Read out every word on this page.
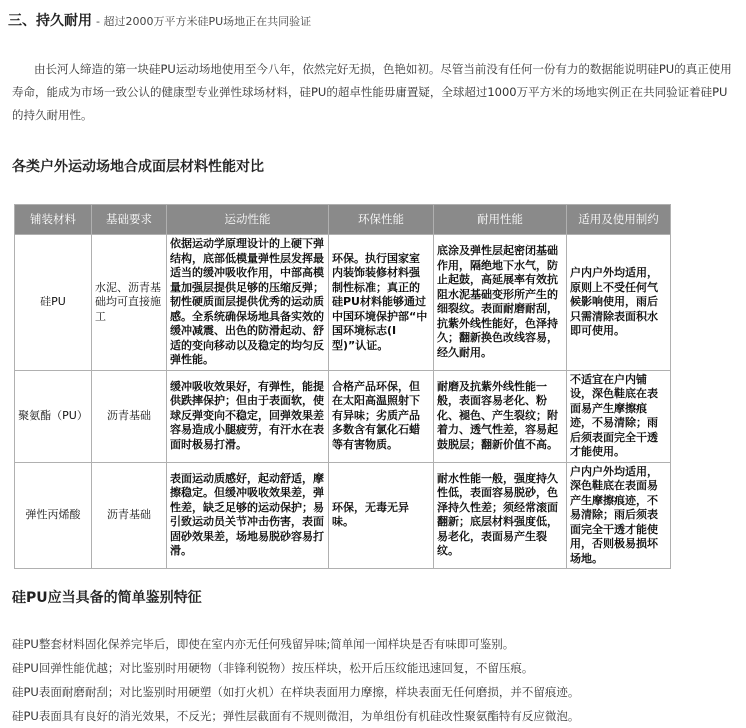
三、持久耐用 - 超过2000万平方米硅PU场地正在共同验证
由长河人缔造的第一块硅PU运动场地使用至今八年，依然完好无损，色艳如初。尽管当前没有任何一份有力的数据能说明硅PU的真正使用寿命，能成为市场一致公认的健康型专业弹性球场材料，硅PU的超卓性能毋庸置疑，全球超过1000万平方米的场地实例正在共同验证着硅PU的持久耐用性。
各类户外运动场地合成面层材料性能对比
铺装材料	基础要求	运动性能	环保性能	耐用性能	适用及使用制约
硅PU	水泥、沥青基础均可直接施工	依据运动学原理设计的上硬下弹结构，底部低模量弹性层发挥最适当的缓冲吸收作用，中部高模量加强层提供足够的压缩反弹；韧性硬质面层提供优秀的运动质感。全系统确保场地具备实效的缓冲减震、出色的防滑起动、舒适的变向移动以及稳定的均匀反弹性能。	环保。执行国家室内装饰装修材料强制性标准；真正的硅PU材料能够通过中国环境保护部“中国环境标志(Ⅰ型)”认证。	底涂及弹性层起密闭基础作用，隔绝地下水气，防止起鼓，高延展率有效抗阻水泥基础变形所产生的细裂纹。表面耐磨耐刮，抗紫外线性能好，色泽持久；翻新换色改线容易，经久耐用。	户内户外均适用，原则上不受任何气候影响使用，雨后只需清除表面积水即可使用。
聚氨酯（PU）	沥青基础	缓冲吸收效果好，有弹性，能提供跌摔保护；但由于表面软，使球反弹变向不稳定，回弹效果差容易造成小腿疲劳，有汗水在表面时极易打滑。	合格产品环保，但在太阳高温照射下有异味；劣质产品多数含有氯化石蜡等有害物质。	耐磨及抗紫外线性能一般，表面容易老化、粉化、褪色、产生裂纹；附着力、透气性差，容易起鼓脱层；翻新价值不高。	不适宜在户内铺设，深色鞋底在表面易产生摩擦痕迹，不易清除；雨后须表面完全干透才能使用。
弹性丙烯酸	沥青基础	表面运动质感好，起动舒适，摩擦稳定。但缓冲吸收效果差，弹性差，缺乏足够的运动保护；易引致运动员关节冲击伤害，表面固砂效果差，场地易脱砂容易打滑。	环保，无毒无异味。	耐水性能一般，强度持久性低，表面容易脱砂，色泽持久性差；须经常滚面翻新；底层材料强度低，易老化，表面易产生裂纹。	户内户外均适用，深色鞋底在表面易产生摩擦痕迹，不易清除；雨后须表面完全干透才能使用，否则极易损坏场地。
硅PU应当具备的简单鉴别特征
硅PU整套材料固化保养完毕后，即使在室内亦无任何残留异味;简单闻一闻样块是否有味即可鉴别。
硅PU回弹性能优越；对比鉴别时用硬物（非锋利锐物）按压样块，松开后压纹能迅速回复，不留压痕。
硅PU表面耐磨耐刮；对比鉴别时用硬塑（如打火机）在样块表面用力摩擦，样块表面无任何磨损，并不留痕迹。
硅PU表面具有良好的消光效果，不反光；弹性层截面有不规则微泪，为单组份有机硅改性聚氨酯特有反应微泡。
